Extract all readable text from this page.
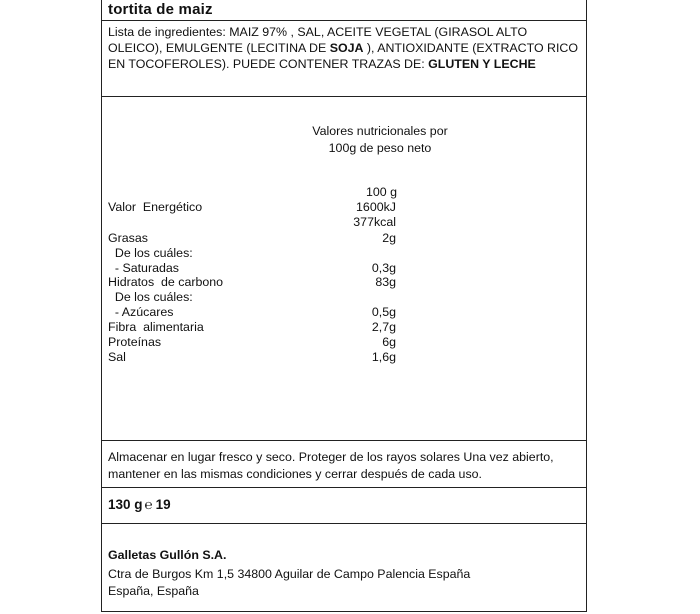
tortita de maiz
Lista de ingredientes: MAIZ 97% , SAL, ACEITE VEGETAL (GIRASOL ALTO OLEICO), EMULGENTE (LECITINA DE SOJA ), ANTIOXIDANTE (EXTRACTO RICO EN TOCOFEROLES). PUEDE CONTENER TRAZAS DE: GLUTEN Y LECHE
Valores nutricionales por
100g de peso neto
100 g
Valor  Energético	1600kJ
377kcal
Grasas	2g
De los cuáles:
- Saturadas	0,3g
Hidratos  de carbono	83g
De los cuáles:
- Azúcares	0,5g
Fibra  alimentaria	2,7g
Proteínas	6g
Sal	1,6g
Almacenar en lugar fresco y seco. Proteger de los rayos solares Una vez abierto, mantener en las mismas condiciones y cerrar después de cada uso.
130 g ℮ 19
Galletas Gullón S.A.
Ctra de Burgos Km 1,5 34800 Aguilar de Campo Palencia España
España, España
